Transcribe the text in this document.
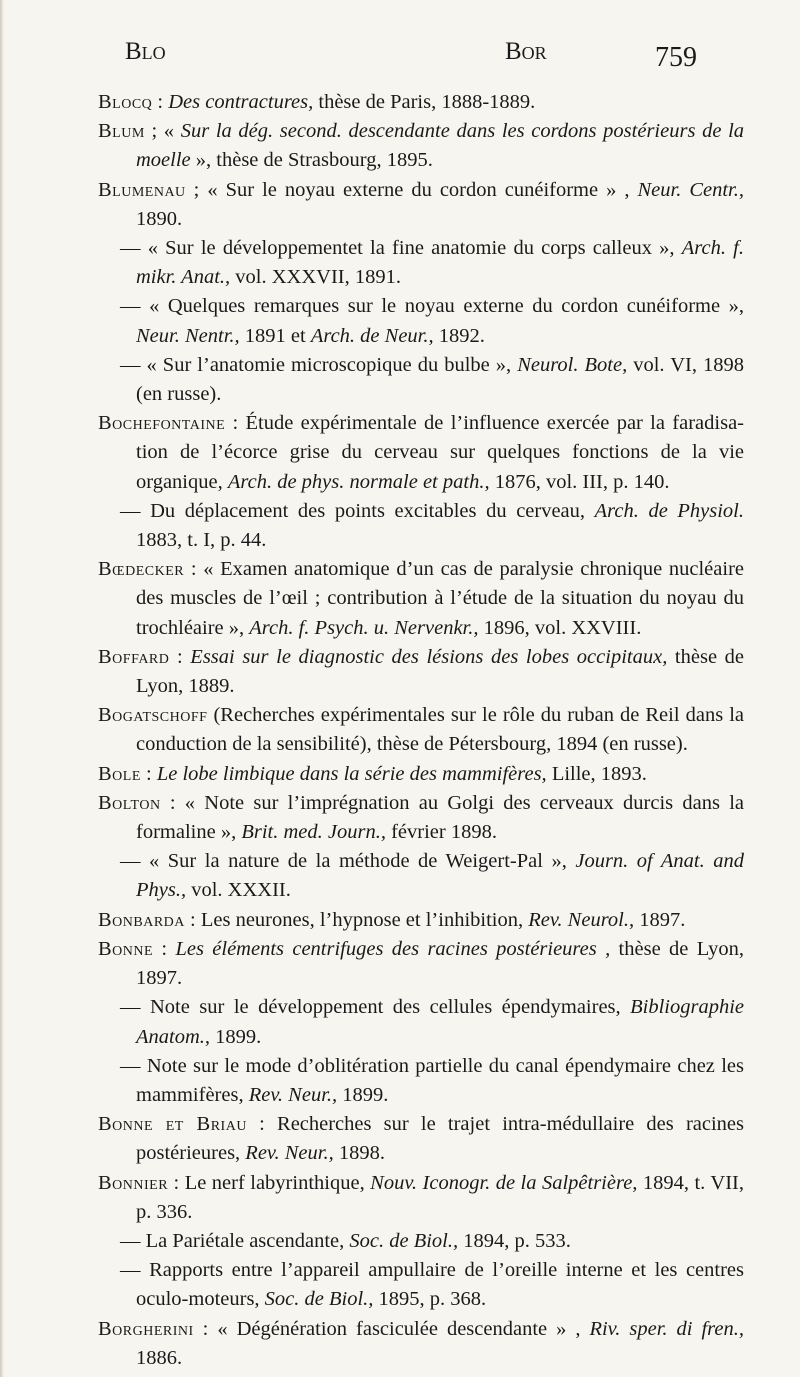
Blo	Bor	759
Blocq : Des contractures, thèse de Paris, 1888-1889.
Blum ; « Sur la dég. second. descendante dans les cordons postérieurs de la moelle », thèse de Strasbourg, 1895.
Blumenau ; « Sur le noyau externe du cordon cunéiforme » , Neur. Centr., 1890.
— « Sur le développementet la fine anatomie du corps calleux », Arch. f. mikr. Anat., vol. XXXVII, 1891.
— « Quelques remarques sur le noyau externe du cordon cunéiforme », Neur. Nentr., 1891 et Arch. de Neur., 1892.
— « Sur l’anatomie microscopique du bulbe », Neurol. Bote, vol. VI, 1898 (en russe).
Bochefontaine : Étude expérimentale de l’influence exercée par la faradisa-tion de l’écorce grise du cerveau sur quelques fonctions de la vie organique, Arch. de phys. normale et path., 1876, vol. III, p. 140.
— Du déplacement des points excitables du cerveau, Arch. de Physiol. 1883, t. I, p. 44.
Bœdecker : « Examen anatomique d’un cas de paralysie chronique nucléaire des muscles de l’œil ; contribution à l’étude de la situation du noyau du trochléaire », Arch. f. Psych. u. Nervenkr., 1896, vol. XXVIII.
Boffard : Essai sur le diagnostic des lésions des lobes occipitaux, thèse de Lyon, 1889.
Bogatschoff (Recherches expérimentales sur le rôle du ruban de Reil dans la conduction de la sensibilité), thèse de Pétersbourg, 1894 (en russe).
Bole : Le lobe limbique dans la série des mammifères, Lille, 1893.
Bolton : « Note sur l’imprégnation au Golgi des cerveaux durcis dans la formaline », Brit. med. Journ., février 1898.
— « Sur la nature de la méthode de Weigert-Pal », Journ. of Anat. and Phys., vol. XXXII.
Bonbarda : Les neurones, l’hypnose et l’inhibition, Rev. Neurol., 1897.
Bonne : Les éléments centrifuges des racines postérieures , thèse de Lyon, 1897.
— Note sur le développement des cellules épendymaires, Bibliographie Anatom., 1899.
— Note sur le mode d’oblitération partielle du canal épendymaire chez les mammifères, Rev. Neur., 1899.
Bonne et Briau : Recherches sur le trajet intra-médullaire des racines postérieures, Rev. Neur., 1898.
Bonnier : Le nerf labyrinthique, Nouv. Iconogr. de la Salpêtrière, 1894, t. VII, p. 336.
— La Pariétale ascendante, Soc. de Biol., 1894, p. 533.
— Rapports entre l’appareil ampullaire de l’oreille interne et les centres oculo-moteurs, Soc. de Biol., 1895, p. 368.
Borgherini : « Dégénération fasciculée descendante » , Riv. sper. di fren., 1886.
